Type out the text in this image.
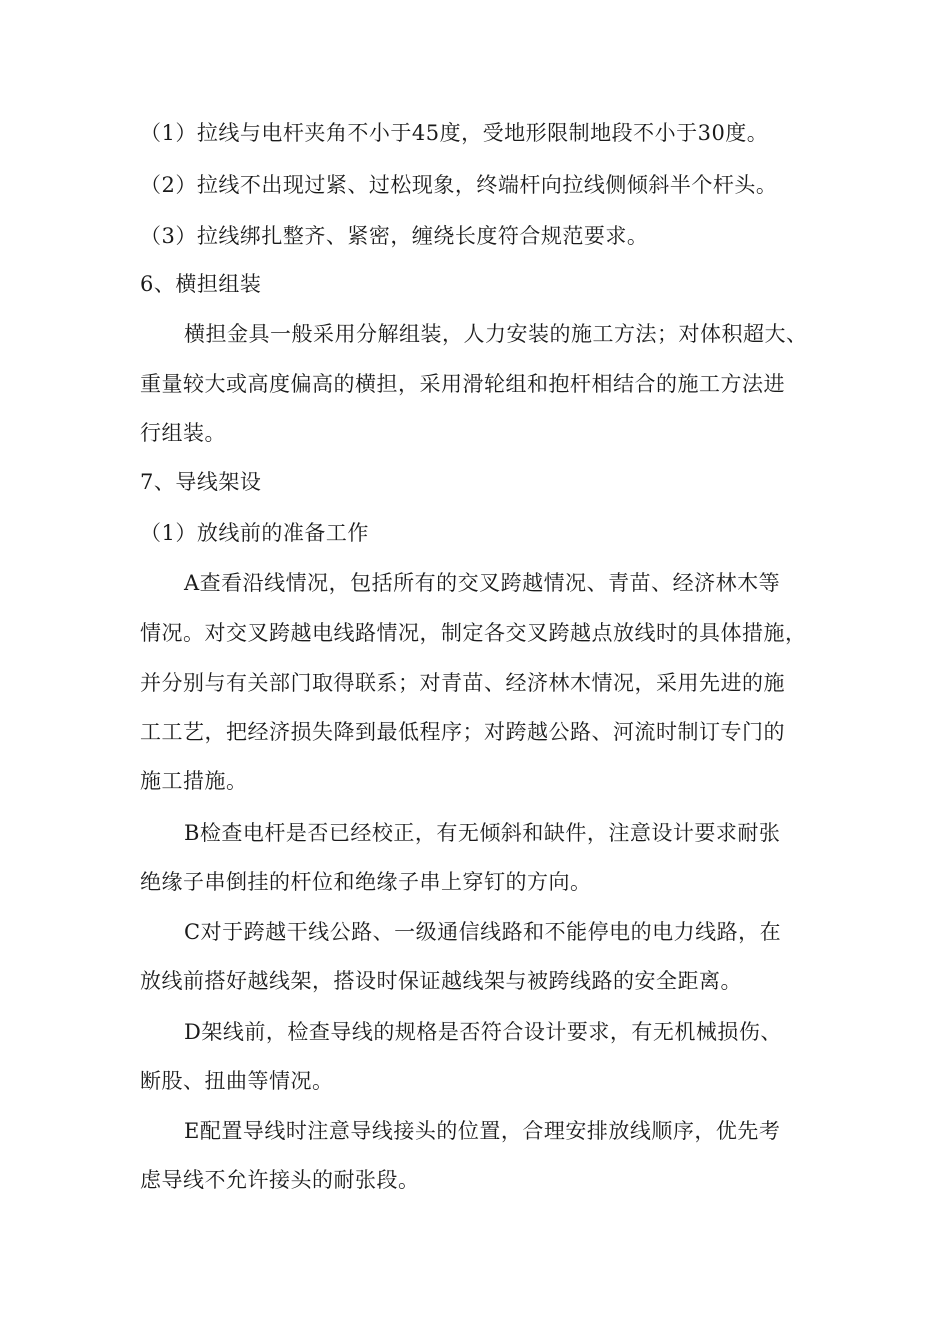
（1）拉线与电杆夹角不小于45度，受地形限制地段不小于30度。
（2）拉线不出现过紧、过松现象，终端杆向拉线侧倾斜半个杆头。
（3）拉线绑扎整齐、紧密，缠绕长度符合规范要求。
6、横担组装
横担金具一般采用分解组装，人力安装的施工方法；对体积超大、
重量较大或高度偏高的横担，采用滑轮组和抱杆相结合的施工方法进
行组装。
7、导线架设
（1）放线前的准备工作
A查看沿线情况，包括所有的交叉跨越情况、青苗、经济林木等
情况。对交叉跨越电线路情况，制定各交叉跨越点放线时的具体措施，
并分别与有关部门取得联系；对青苗、经济林木情况，采用先进的施
工工艺，把经济损失降到最低程序；对跨越公路、河流时制订专门的
施工措施。
B检查电杆是否已经校正，有无倾斜和缺件，注意设计要求耐张
绝缘子串倒挂的杆位和绝缘子串上穿钉的方向。
C对于跨越干线公路、一级通信线路和不能停电的电力线路，在
放线前搭好越线架，搭设时保证越线架与被跨线路的安全距离。
D架线前，检查导线的规格是否符合设计要求，有无机械损伤、
断股、扭曲等情况。
E配置导线时注意导线接头的位置，合理安排放线顺序，优先考
虑导线不允许接头的耐张段。
